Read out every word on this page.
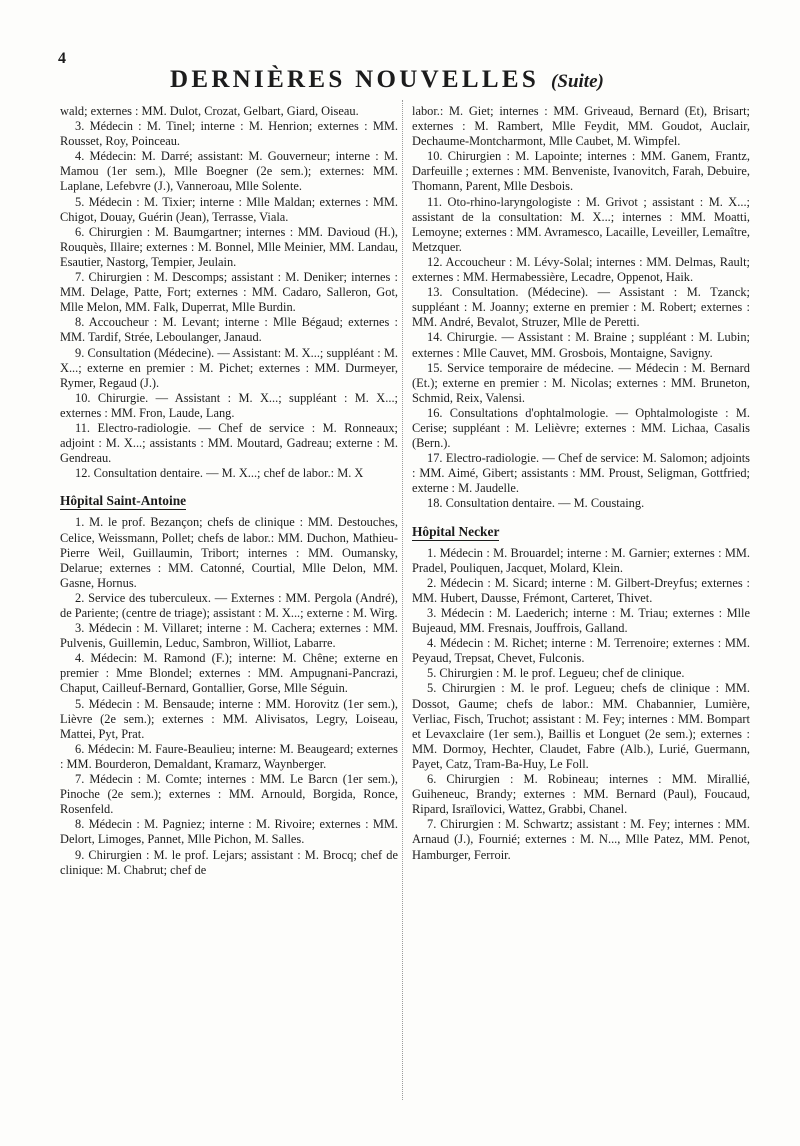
4
DERNIÈRES NOUVELLES (Suite)

wald; externes : MM. Dulot, Crozat, Gelbart, Giard, Oiseau.

3. Médecin : M. Tinel; interne : M. Henrion; externes : MM. Rousset, Roy, Poinceau.

4. Médecin: M. Darré; assistant: M. Gouverneur; interne : M. Mamou (1er sem.), Mlle Boegner (2e sem.); externes: MM. Laplane, Lefebvre (J.), Vanneroau, Mlle Solente.

5. Médecin : M. Tixier; interne : Mlle Maldan; externes : MM. Chigot, Douay, Guérin (Jean), Terrasse, Viala.

6. Chirurgien : M. Baumgartner; internes : MM. Davioud (H.), Rouquès, Illaire; externes : M. Bonnel, Mlle Meinier, MM. Landau, Esautier, Nastorg, Tempier, Jeulain.

7. Chirurgien : M. Descomps; assistant : M. Deniker; internes : MM. Delage, Patte, Fort; externes : MM. Cadaro, Salleron, Got, Mlle Melon, MM. Falk, Duperrat, Mlle Burdin.

8. Accoucheur : M. Levant; interne : Mlle Bégaud; externes : MM. Tardif, Strée, Leboulanger, Janaud.

9. Consultation (Médecine). — Assistant: M. X...; suppléant : M. X...; externe en premier : M. Pichet; externes : MM. Durmeyer, Rymer, Regaud (J.).

10. Chirurgie. — Assistant : M. X...; suppléant : M. X...; externes : MM. Fron, Laude, Lang.

11. Electro-radiologie. — Chef de service : M. Ronneaux; adjoint : M. X...; assistants : MM. Moutard, Gadreau; externe : M. Gendreau.

12. Consultation dentaire. — M. X...; chef de labor.: M. X

Hôpital Saint-Antoine

1. M. le prof. Bezançon; chefs de clinique : MM. Destouches, Celice, Weissmann, Pollet; chefs de labor.: MM. Duchon, Mathieu-Pierre Weil, Guillaumin, Tribort; internes : MM. Oumansky, Delarue; externes : MM. Catonné, Courtial, Mlle Delon, MM. Gasne, Hornus.

2. Service des tuberculeux. — Externes : MM. Pergola (André), de Pariente; (centre de triage); assistant : M. X...; externe : M. Wirg.

3. Médecin : M. Villaret; interne : M. Cachera; externes : MM. Pulvenis, Guillemin, Leduc, Sambron, Williot, Labarre.

4. Médecin: M. Ramond (F.); interne: M. Chêne; externe en premier : Mme Blondel; externes : MM. Ampugnani-Pancrazi, Chaput, Cailleuf-Bernard, Gontallier, Gorse, Mlle Séguin.

5. Médecin : M. Bensaude; interne : MM. Horovitz (1er sem.), Lièvre (2e sem.); externes : MM. Alivisatos, Legry, Loiseau, Mattei, Pyt, Prat.

6. Médecin: M. Faure-Beaulieu; interne: M. Beaugeard; externes : MM. Bourderon, Demaldant, Kramarz, Waynberger.

7. Médecin : M. Comte; internes : MM. Le Barcn (1er sem.), Pinoche (2e sem.); externes : MM. Arnould, Borgida, Ronce, Rosenfeld.

8. Médecin : M. Pagniez; interne : M. Rivoire; externes : MM. Delort, Limoges, Pannet, Mlle Pichon, M. Salles.

9. Chirurgien : M. le prof. Lejars; assistant : M. Brocq; chef de clinique: M. Chabrut; chef de

labor.: M. Giet; internes : MM. Griveaud, Bernard (Et), Brisart; externes : M. Rambert, Mlle Feydit, MM. Goudot, Auclair, Dechaume-Montcharmont, Mlle Caubet, M. Wimpfel.

10. Chirurgien : M. Lapointe; internes : MM. Ganem, Frantz, Darfeuille ; externes : MM. Benveniste, Ivanovitch, Farah, Debuire, Thomann, Parent, Mlle Desbois.

11. Oto-rhino-laryngologiste : M. Grivot ; assistant : M. X...; assistant de la consultation: M. X...; internes : MM. Moatti, Lemoyne; externes : MM. Avramesco, Lacaille, Leveiller, Lemaître, Metzquer.

12. Accoucheur : M. Lévy-Solal; internes : MM. Delmas, Rault; externes : MM. Hermabessière, Lecadre, Oppenot, Haik.

13. Consultation. (Médecine). — Assistant : M. Tzanck; suppléant : M. Joanny; externe en premier : M. Robert; externes : MM. André, Bevalot, Struzer, Mlle de Peretti.

14. Chirurgie. — Assistant : M. Braine ; suppléant : M. Lubin; externes : Mlle Cauvet, MM. Grosbois, Montaigne, Savigny.

15. Service temporaire de médecine. — Médecin : M. Bernard (Et.); externe en premier : M. Nicolas; externes : MM. Bruneton, Schmid, Reix, Valensi.

16. Consultations d'ophtalmologie. — Ophtalmologiste : M. Cerise; suppléant : M. Lelièvre; externes : MM. Lichaa, Casalis (Bern.).

17. Electro-radiologie. — Chef de service: M. Salomon; adjoints : MM. Aimé, Gibert; assistants : MM. Proust, Seligman, Gottfried; externe : M. Jaudelle.

18. Consultation dentaire. — M. Coustaing.

Hôpital Necker

1. Médecin : M. Brouardel; interne : M. Garnier; externes : MM. Pradel, Pouliquen, Jacquet, Molard, Klein.

2. Médecin : M. Sicard; interne : M. Gilbert-Dreyfus; externes : MM. Hubert, Dausse, Frémont, Carteret, Thivet.

3. Médecin : M. Laederich; interne : M. Triau; externes : Mlle Bujeaud, MM. Fresnais, Jouffrois, Galland.

4. Médecin : M. Richet; interne : M. Terrenoire; externes : MM. Peyaud, Trepsat, Chevet, Fulconis.

5. Chirurgien : M. le prof. Legueu; chef de clinique.

5. Chirurgien : M. le prof. Legueu; chefs de clinique : MM. Dossot, Gaume; chefs de labor.: MM. Chabannier, Lumière, Verliac, Fisch, Truchot; assistant : M. Fey; internes : MM. Bompart et Levaxclaire (1er sem.), Baillis et Longuet (2e sem.); externes : MM. Dormoy, Hechter, Claudet, Fabre (Alb.), Lurié, Guermann, Payet, Catz, Tram-Ba-Huy, Le Foll.

6. Chirurgien : M. Robineau; internes : MM. Mirallié, Guiheneuc, Brandy; externes : MM. Bernard (Paul), Foucaud, Ripard, Israïlovici, Wattez, Grabbi, Chanel.

7. Chirurgien : M. Schwartz; assistant : M. Fey; internes : MM. Arnaud (J.), Fournié; externes : M. N..., Mlle Patez, MM. Penot, Hamburger, Ferroir.
